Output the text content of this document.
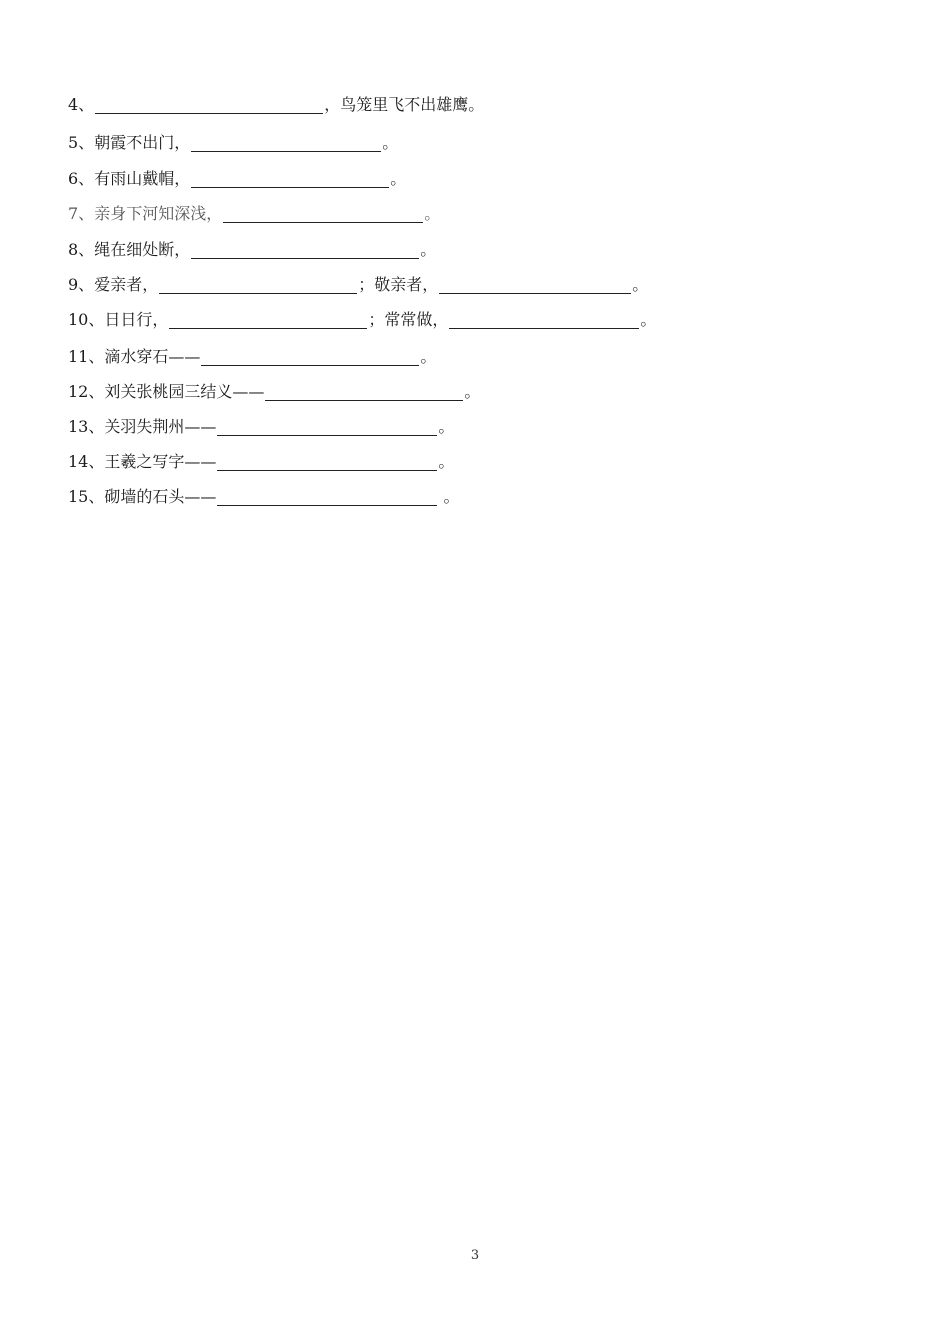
4、	，鸟笼里飞不出雄鹰。
5、 朝霞不出门，	。
6、 有雨山戴帽，	。
7、 亲身下河知深浅，	。
8、 绳在细处断，	。
9、 爱亲者，	；敬亲者，	。
10、 日日行，	；常常做，	。
11、 滴水穿石——	。
12、 刘关张桃园三结义——	。
13、 关羽失荆州——	。
14、 王羲之写字——	。
15、 砌墙的石头——	。
3
